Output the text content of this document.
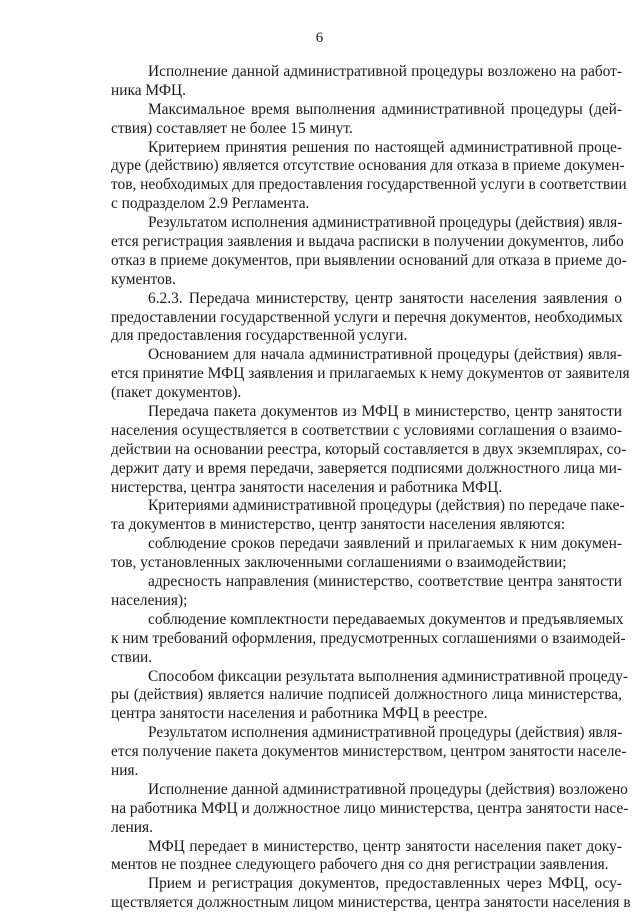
6
Исполнение данной административной процедуры возложено на работ-
ника МФЦ.
Максимальное время выполнения административной процедуры (дей-
ствия) составляет не более 15 минут.
Критерием принятия решения по настоящей административной проце-
дуре (действию) является отсутствие основания для отказа в приеме докумен-
тов, необходимых для предоставления государственной услуги в соответствии
с подразделом 2.9 Регламента.
Результатом исполнения административной процедуры (действия) явля-
ется регистрация заявления и выдача расписки в получении документов, либо
отказ в приеме документов, при выявлении оснований для отказа в приеме до-
кументов.
6.2.3. Передача министерству, центр занятости населения заявления о
предоставлении государственной услуги и перечня документов, необходимых
для предоставления государственной услуги.
Основанием для начала административной процедуры (действия) явля-
ется принятие МФЦ заявления и прилагаемых к нему документов от заявителя
(пакет документов).
Передача пакета документов из МФЦ в министерство, центр занятости
населения осуществляется в соответствии с условиями соглашения о взаимо-
действии на основании реестра, который составляется в двух экземплярах, со-
держит дату и время передачи, заверяется подписями должностного лица ми-
нистерства, центра занятости населения и работника МФЦ.
Критериями административной процедуры (действия) по передаче паке-
та документов в министерство, центр занятости населения являются:
соблюдение сроков передачи заявлений и прилагаемых к ним докумен-
тов, установленных заключенными соглашениями о взаимодействии;
адресность направления (министерство, соответствие центра занятости
населения);
соблюдение комплектности передаваемых документов и предъявляемых
к ним требований оформления, предусмотренных соглашениями о взаимодей-
ствии.
Способом фиксации результата выполнения административной процеду-
ры (действия) является наличие подписей должностного лица министерства,
центра занятости населения и работника МФЦ в реестре.
Результатом исполнения административной процедуры (действия) явля-
ется получение пакета документов министерством, центром занятости населе-
ния.
Исполнение данной административной процедуры (действия) возложено
на работника МФЦ и должностное лицо министерства, центра занятости насе-
ления.
МФЦ передает в министерство, центр занятости населения пакет доку-
ментов не позднее следующего рабочего дня со дня регистрации заявления.
Прием и регистрация документов, предоставленных через МФЦ, осу-
ществляется должностным лицом министерства, центра занятости населения в
